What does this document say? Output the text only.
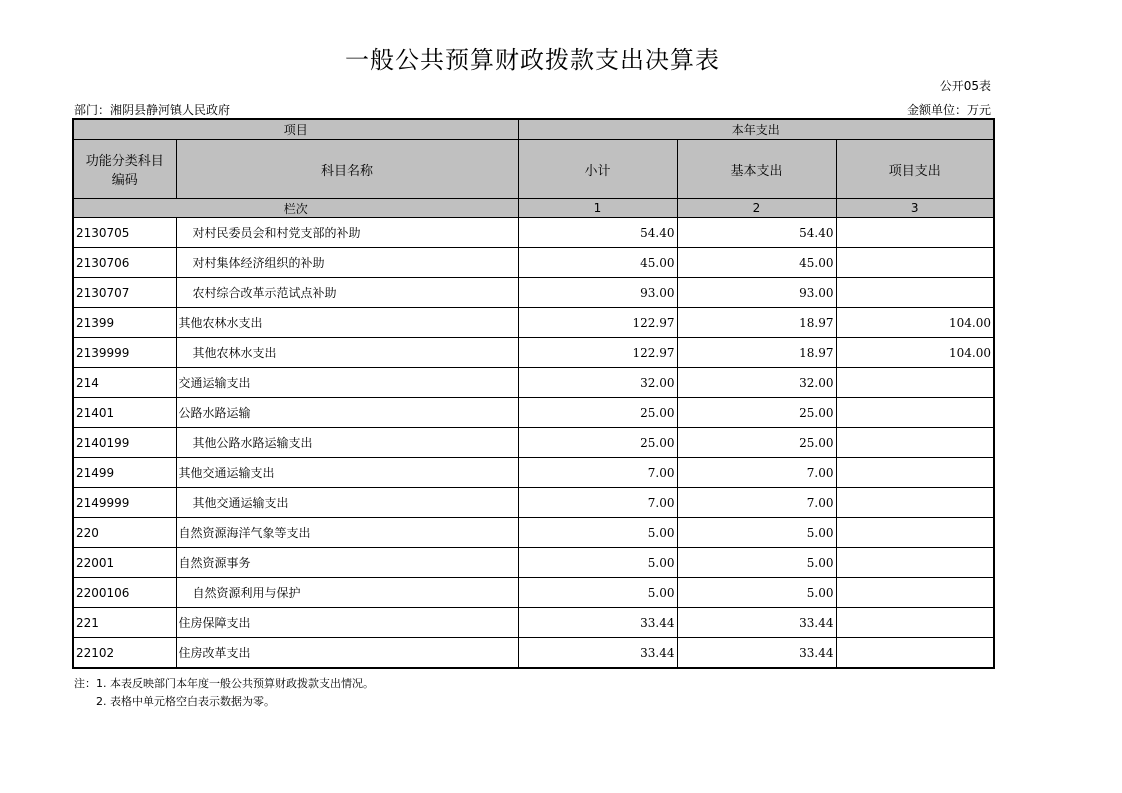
一般公共预算财政拨款支出决算表
公开05表
部门：湘阴县静河镇人民政府	金额单位：万元
项目		本年支出		
功能分类科目编码	科目名称	小计	基本支出	项目支出
栏次		1	2	3
2130705	对村民委员会和村党支部的补助	54.40	54.40	
2130706	对村集体经济组织的补助	45.00	45.00	
2130707	农村综合改革示范试点补助	93.00	93.00	
21399	其他农林水支出	122.97	18.97	104.00
2139999	其他农林水支出	122.97	18.97	104.00
214	交通运输支出	32.00	32.00	
21401	公路水路运输	25.00	25.00	
2140199	其他公路水路运输支出	25.00	25.00	
21499	其他交通运输支出	7.00	7.00	
2149999	其他交通运输支出	7.00	7.00	
220	自然资源海洋气象等支出	5.00	5.00	
22001	自然资源事务	5.00	5.00	
2200106	自然资源利用与保护	5.00	5.00	
221	住房保障支出	33.44	33.44	
22102	住房改革支出	33.44	33.44	
注：1. 本表反映部门本年度一般公共预算财政拨款支出情况。
2. 表格中单元格空白表示数据为零。
